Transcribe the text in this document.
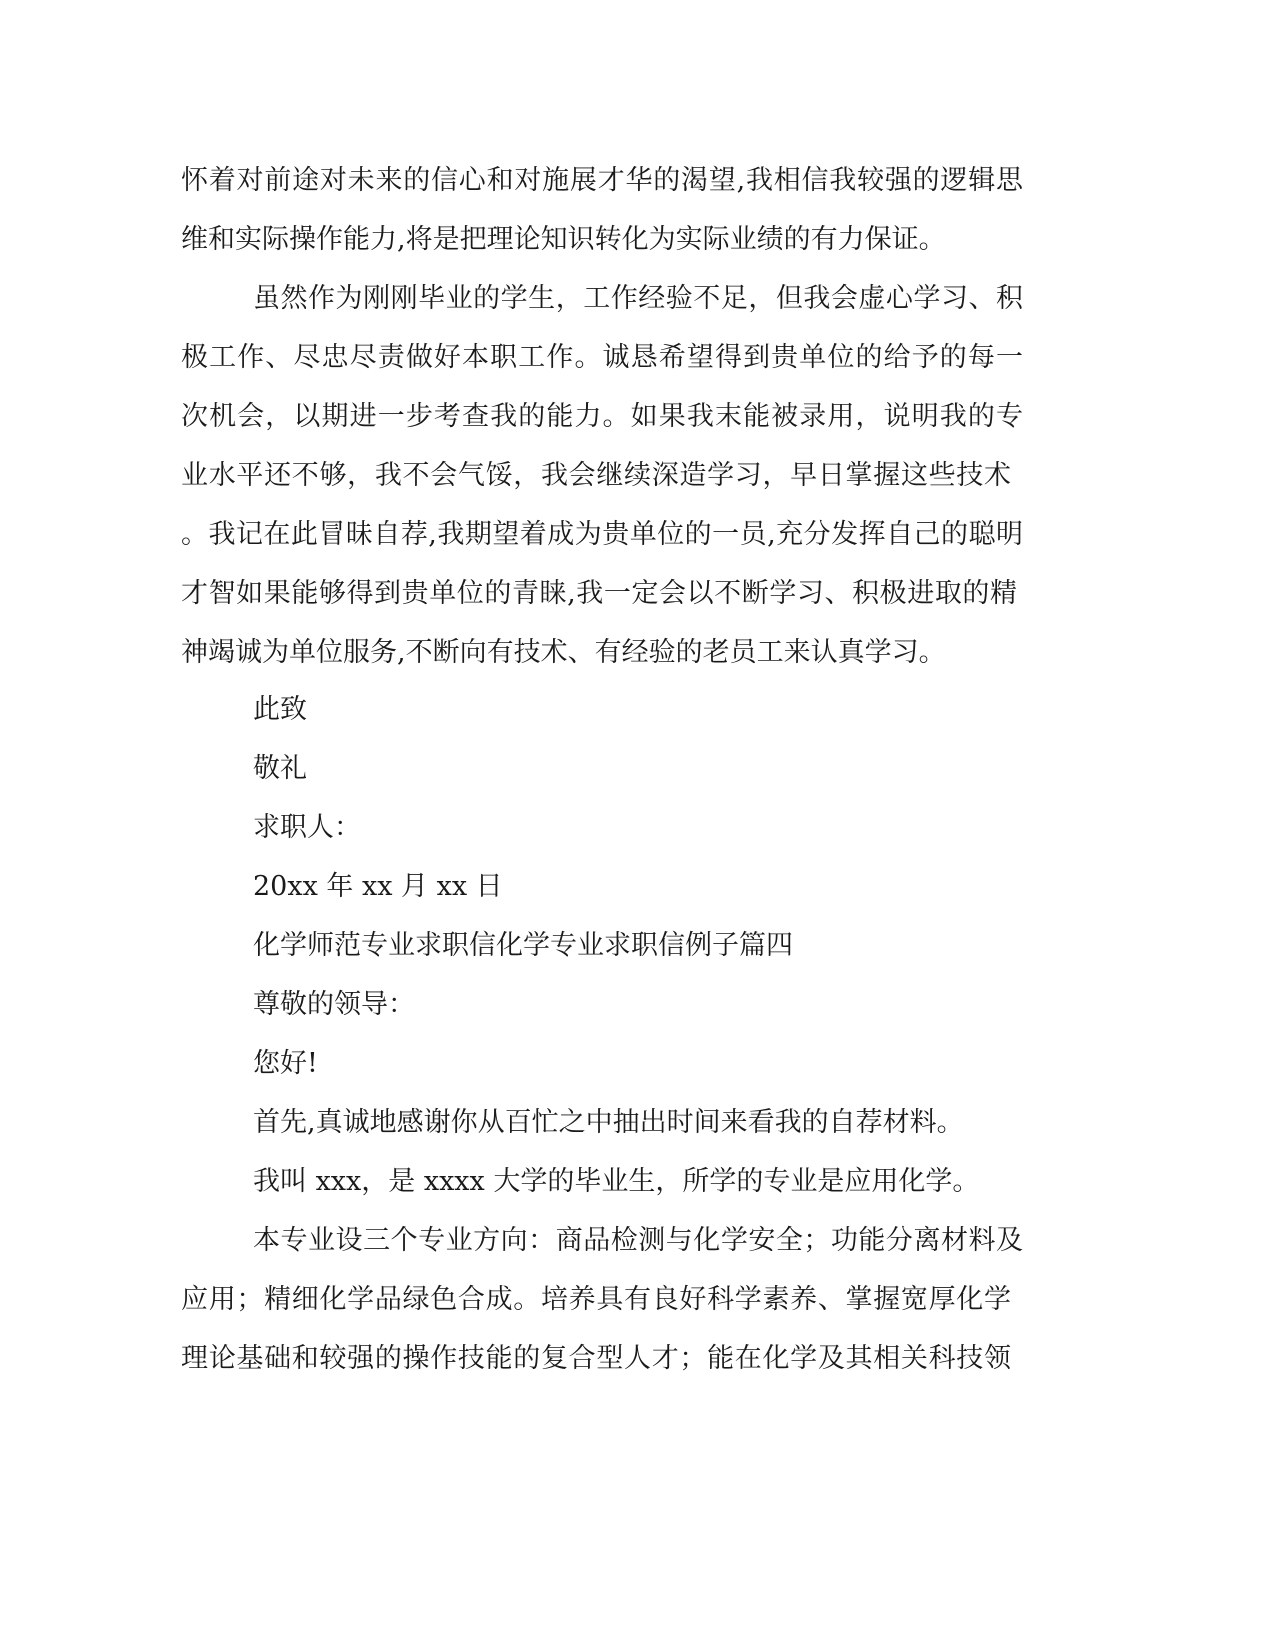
怀着对前途对未来的信心和对施展才华的渴望,我相信我较强的逻辑思

维和实际操作能力,将是把理论知识转化为实际业绩的有力保证。

虽然作为刚刚毕业的学生，工作经验不足，但我会虚心学习、积

极工作、尽忠尽责做好本职工作。诚恳希望得到贵单位的给予的每一

次机会，以期进一步考查我的能力。如果我末能被录用，说明我的专

业水平还不够，我不会气馁，我会继续深造学习，早日掌握这些技术

。我记在此冒昧自荐,我期望着成为贵单位的一员,充分发挥自己的聪明

才智如果能够得到贵单位的青睐,我一定会以不断学习、积极进取的精

神竭诚为单位服务,不断向有技术、有经验的老员工来认真学习。

此致

敬礼

求职人：

20xx 年 xx 月 xx 日

化学师范专业求职信化学专业求职信例子篇四

尊敬的领导：

您好!

首先,真诚地感谢你从百忙之中抽出时间来看我的自荐材料。

我叫 xxx，是 xxxx 大学的毕业生，所学的专业是应用化学。

本专业设三个专业方向：商品检测与化学安全；功能分离材料及

应用；精细化学品绿色合成。培养具有良好科学素养、掌握宽厚化学

理论基础和较强的操作技能的复合型人才；能在化学及其相关科技领
